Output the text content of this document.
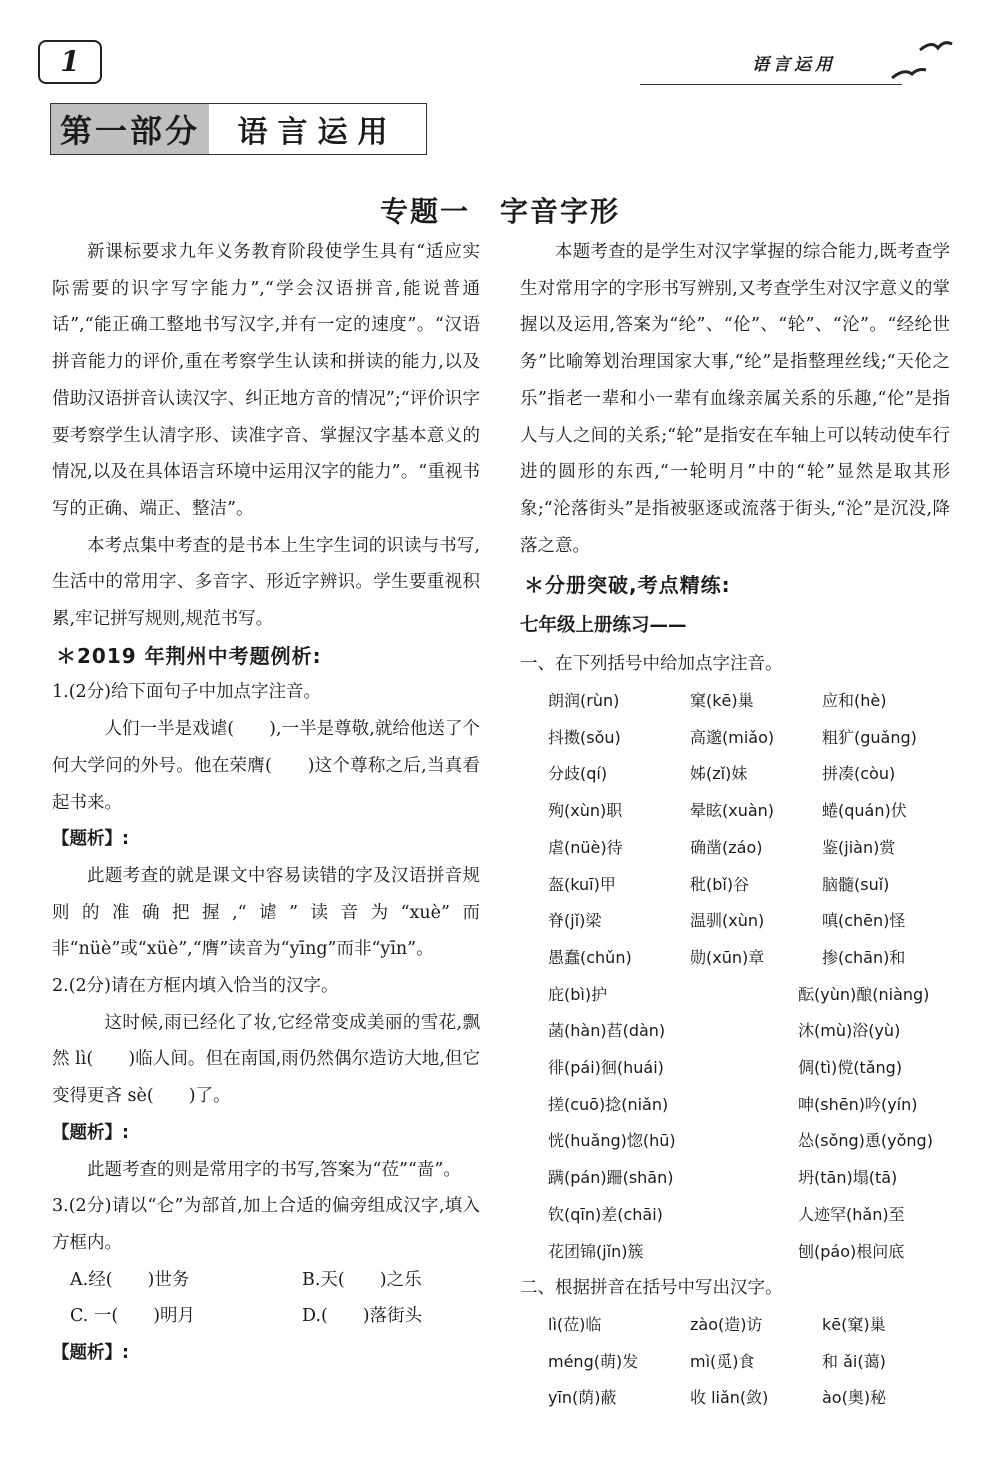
1	语言运用
第一部分	语言运用
专题一　字音字形

新课标要求九年义务教育阶段使学生具有“适应实际需要的识字写字能力”,“学会汉语拼音,能说普通话”,“能正确工整地书写汉字,并有一定的速度”。“汉语拼音能力的评价,重在考察学生认读和拼读的能力,以及借助汉语拼音认读汉字、纠正地方音的情况”;“评价识字要考察学生认清字形、读准字音、掌握汉字基本意义的情况,以及在具体语言环境中运用汉字的能力”。“重视书写的正确、端正、整洁”。

本考点集中考查的是书本上生字生词的识读与书写,生活中的常用字、多音字、形近字辨识。学生要重视积累,牢记拼写规则,规范书写。

＊2019 年荆州中考题例析:

1.(2分)给下面句子中加点字注音。

人们一半是戏谑(　　),一半是尊敬,就给他送了个何大学问的外号。他在荣膺(　　)这个尊称之后,当真看起书来。

【题析】:

此题考查的就是课文中容易读错的字及汉语拼音规则的准确把握,“谑”读音为“xuè”而非“nüè”或“xüè”,“膺”读音为“yīng”而非“yīn”。

2.(2分)请在方框内填入恰当的汉字。

这时候,雨已经化了妆,它经常变成美丽的雪花,飘然 lì(　　)临人间。但在南国,雨仍然偶尔造访大地,但它变得更吝 sè(　　)了。

【题析】:

此题考查的则是常用字的书写,答案为“莅”“啬”。

3.(2分)请以“仑”为部首,加上合适的偏旁组成汉字,填入方框内。

A.经(　　)世务	B.天(　　)之乐
C. 一(　　)明月	D.(　　)落街头
【题析】:

本题考查的是学生对汉字掌握的综合能力,既考查学生对常用字的字形书写辨别,又考查学生对汉字意义的掌握以及运用,答案为“纶”、“伦”、“轮”、“沦”。“经纶世务”比喻筹划治理国家大事,“纶”是指整理丝线;“天伦之乐”指老一辈和小一辈有血缘亲属关系的乐趣,“伦”是指人与人之间的关系;“轮”是指安在车轴上可以转动使车行进的圆形的东西,“一轮明月”中的“轮”显然是取其形象;“沦落街头”是指被驱逐或流落于街头,“沦”是沉没,降落之意。

＊分册突破,考点精练:
七年级上册练习——

一、在下列括号中给加点字注音。

朗润(rùn)	窠(kē)巢	应和(hè)
抖擞(sǒu)	高邈(miǎo)	粗犷(guǎng)
分歧(qí)	姊(zǐ)妹	拼凑(còu)
殉(xùn)职	晕眩(xuàn)	蜷(quán)伏
虐(nüè)待	确凿(záo)	鉴(jiàn)赏
盔(kuī)甲	秕(bǐ)谷	脑髓(suǐ)
脊(jǐ)梁	温驯(xùn)	嗔(chēn)怪
愚蠢(chǔn)	勋(xūn)章	掺(chān)和
庇(bì)护	酝(yùn)酿(niàng)
菡(hàn)萏(dàn)	沐(mù)浴(yù)
徘(pái)徊(huái)	倜(tì)傥(tǎng)
搓(cuō)捻(niǎn)	呻(shēn)吟(yín)
恍(huǎng)惚(hū)	怂(sǒng)恿(yǒng)
蹒(pán)跚(shān)	坍(tān)塌(tā)
钦(qīn)差(chāi)	人迹罕(hǎn)至
花团锦(jǐn)簇	刨(páo)根问底

二、根据拼音在括号中写出汉字。

lì(莅)临	zào(造)访	kē(窠)巢
méng(萌)发	mì(觅)食	和 ǎi(蔼)
yīn(荫)蔽	收 liǎn(敛)	ào(奥)秘
